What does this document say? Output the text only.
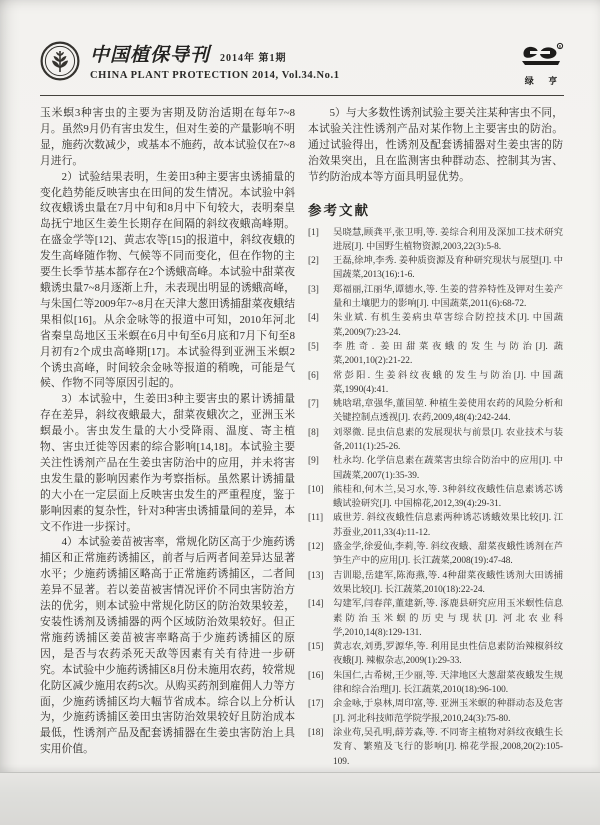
中国植保导刊 2014年 第1期
CHINA PLANT PROTECTION 2014, Vol.34.No.1
R
绿 亨

玉米螟3种害虫的主要为害期及防治适期在每年7~8月。虽然9月仍有害虫发生，但对生姜的产量影响不明显，施药次数减少，或基本不施药，故本试验仅在7~8月进行。

2）试验结果表明，生姜田3种主要害虫诱捕量的变化趋势能反映害虫在田间的发生情况。本试验中斜纹夜蛾诱虫量在7月中旬和8月中下旬较大，表明秦皇岛抚宁地区生姜生长期存在间隔的斜纹夜蛾高峰期。在盛金学等[12]、黄志农等[15]的报道中，斜纹夜蛾的发生高峰随作物、气候等不同而变化，但在作物的主要生长季节基本都存在2个诱蛾高峰。本试验中甜菜夜蛾诱虫量7~8月逐渐上升，未表现出明显的诱蛾高峰，与朱国仁等2009年7~8月在天津大葱田诱捕甜菜夜蛾结果相似[16]。从余金咏等的报道中可知，2010年河北省秦皇岛地区玉米螟在6月中旬至6月底和7月下旬至8月初有2个成虫高峰期[17]。本试验得到亚洲玉米螟2个诱虫高峰，时间较余金咏等报道的稍晚，可能是气候、作物不同等原因引起的。

3）本试验中，生姜田3种主要害虫的累计诱捕量存在差异，斜纹夜蛾最大，甜菜夜蛾次之，亚洲玉米螟最小。害虫发生量的大小受降雨、温度、寄主植物、害虫迁徙等因素的综合影响[14,18]。本试验主要关注性诱剂产品在生姜虫害防治中的应用，并未将害虫发生量的影响因素作为考察指标。虽然累计诱捕量的大小在一定层面上反映害虫发生的严重程度，鉴于影响因素的复杂性，针对3种害虫诱捕量间的差异，本文不作进一步探讨。

4）本试验姜苗被害率，常规化防区高于少施药诱捕区和正常施药诱捕区，前者与后两者间差异达显著水平；少施药诱捕区略高于正常施药诱捕区，二者间差异不显著。若以姜苗被害情况评价不同虫害防治方法的优劣，则本试验中常规化防区的防治效果较差，安装性诱剂及诱捕器的两个区域防治效果较好。但正常施药诱捕区姜苗被害率略高于少施药诱捕区的原因，是否与农药杀死天敌等因素有关有待进一步研究。本试验中少施药诱捕区8月份未施用农药，较常规化防区减少施用农药5次。从购买药剂到雇佣人力等方面，少施药诱捕区均大幅节省成本。综合以上分析认为，少施药诱捕区姜田虫害防治效果较好且防治成本最低，性诱剂产品及配套诱捕器在生姜虫害防治上具实用价值。

5）与大多数性诱剂试验主要关注某种害虫不同，本试验关注性诱剂产品对某作物上主要害虫的防治。通过试验得出，性诱剂及配套诱捕器对生姜虫害的防治效果突出，且在监测害虫种群动态、控制其为害、节约防治成本等方面具明显优势。

参考文献
[1]	吴晓慧,顾龚平,张卫明,等. 姜综合利用及深加工技术研究进展[J]. 中国野生植物资源,2003,22(3):5-8.
[2]	王磊,徐坤,李秀. 姜种质资源及育种研究现状与展望[J]. 中国蔬菜,2013(16):1-6.
[3]	郑福丽,江丽华,谭德水,等. 生姜的营养特性及钾对生姜产量和土壤肥力的影响[J]. 中国蔬菜,2011(6):68-72.
[4]	朱业斌. 有机生姜病虫草害综合防控技术[J]. 中国蔬菜,2009(7):23-24.
[5]	李胜奇. 姜田甜菜夜蛾的发生与防治[J]. 蔬菜,2001,10(2):21-22.
[6]	常彭阳. 生姜斜纹夜蛾的发生与防治[J]. 中国蔬菜,1990(4):41.
[7]	姚晗珺,章强华,董国堃. 种植生姜使用农药的风险分析和关键控制点透视[J]. 农药,2009,48(4):242-244.
[8]	刘翠微. 昆虫信息素的发展现状与前景[J]. 农业技术与装备,2011(1):25-26.
[9]	杜永均. 化学信息素在蔬菜害虫综合防治中的应用[J]. 中国蔬菜,2007(1):35-39.
[10]	熊桂和,何木兰,吴习水,等. 3种斜纹夜蛾性信息素诱芯诱蛾试验研究[J]. 中国棉花,2012,39(4):29-31.
[11]	戚世芳. 斜纹夜蛾性信息素两种诱芯诱蛾效果比较[J]. 江苏蚕业,2011,33(4):11-12.
[12]	盛金学,徐爱仙,李莉,等. 斜纹夜蛾、甜菜夜蛾性诱剂在芦笋生产中的应用[J]. 长江蔬菜,2008(19):47-48.
[13]	吉训聪,岳建军,陈海燕,等. 4种甜菜夜蛾性诱剂大田诱捕效果比较[J]. 长江蔬菜,2010(18):22-24.
[14]	勾建军,闫春萍,董建新,等. 涿鹿县研究应用玉米螟性信息素防治玉米螟的历史与现状[J]. 河北农业科学,2010,14(8):129-131.
[15]	黄志农,刘勇,罗源华,等. 利用昆虫性信息素防治辣椒斜纹夜蛾[J]. 辣椒杂志,2009(1):29-33.
[16]	朱国仁,古希树,王少丽,等. 天津地区大葱甜菜夜蛾发生规律和综合治理[J]. 长江蔬菜,2010(18):96-100.
[17]	余金咏,于泉林,周印富,等. 亚洲玉米螟的种群动态及危害[J]. 河北科技师范学院学报,2010,24(3):75-80.
[18]	涂业苟,吴孔明,薛芳森,等. 不同寄主植物对斜纹夜蛾生长发育、繁殖及飞行的影响[J]. 棉花学报,2008,20(2):105-109.
